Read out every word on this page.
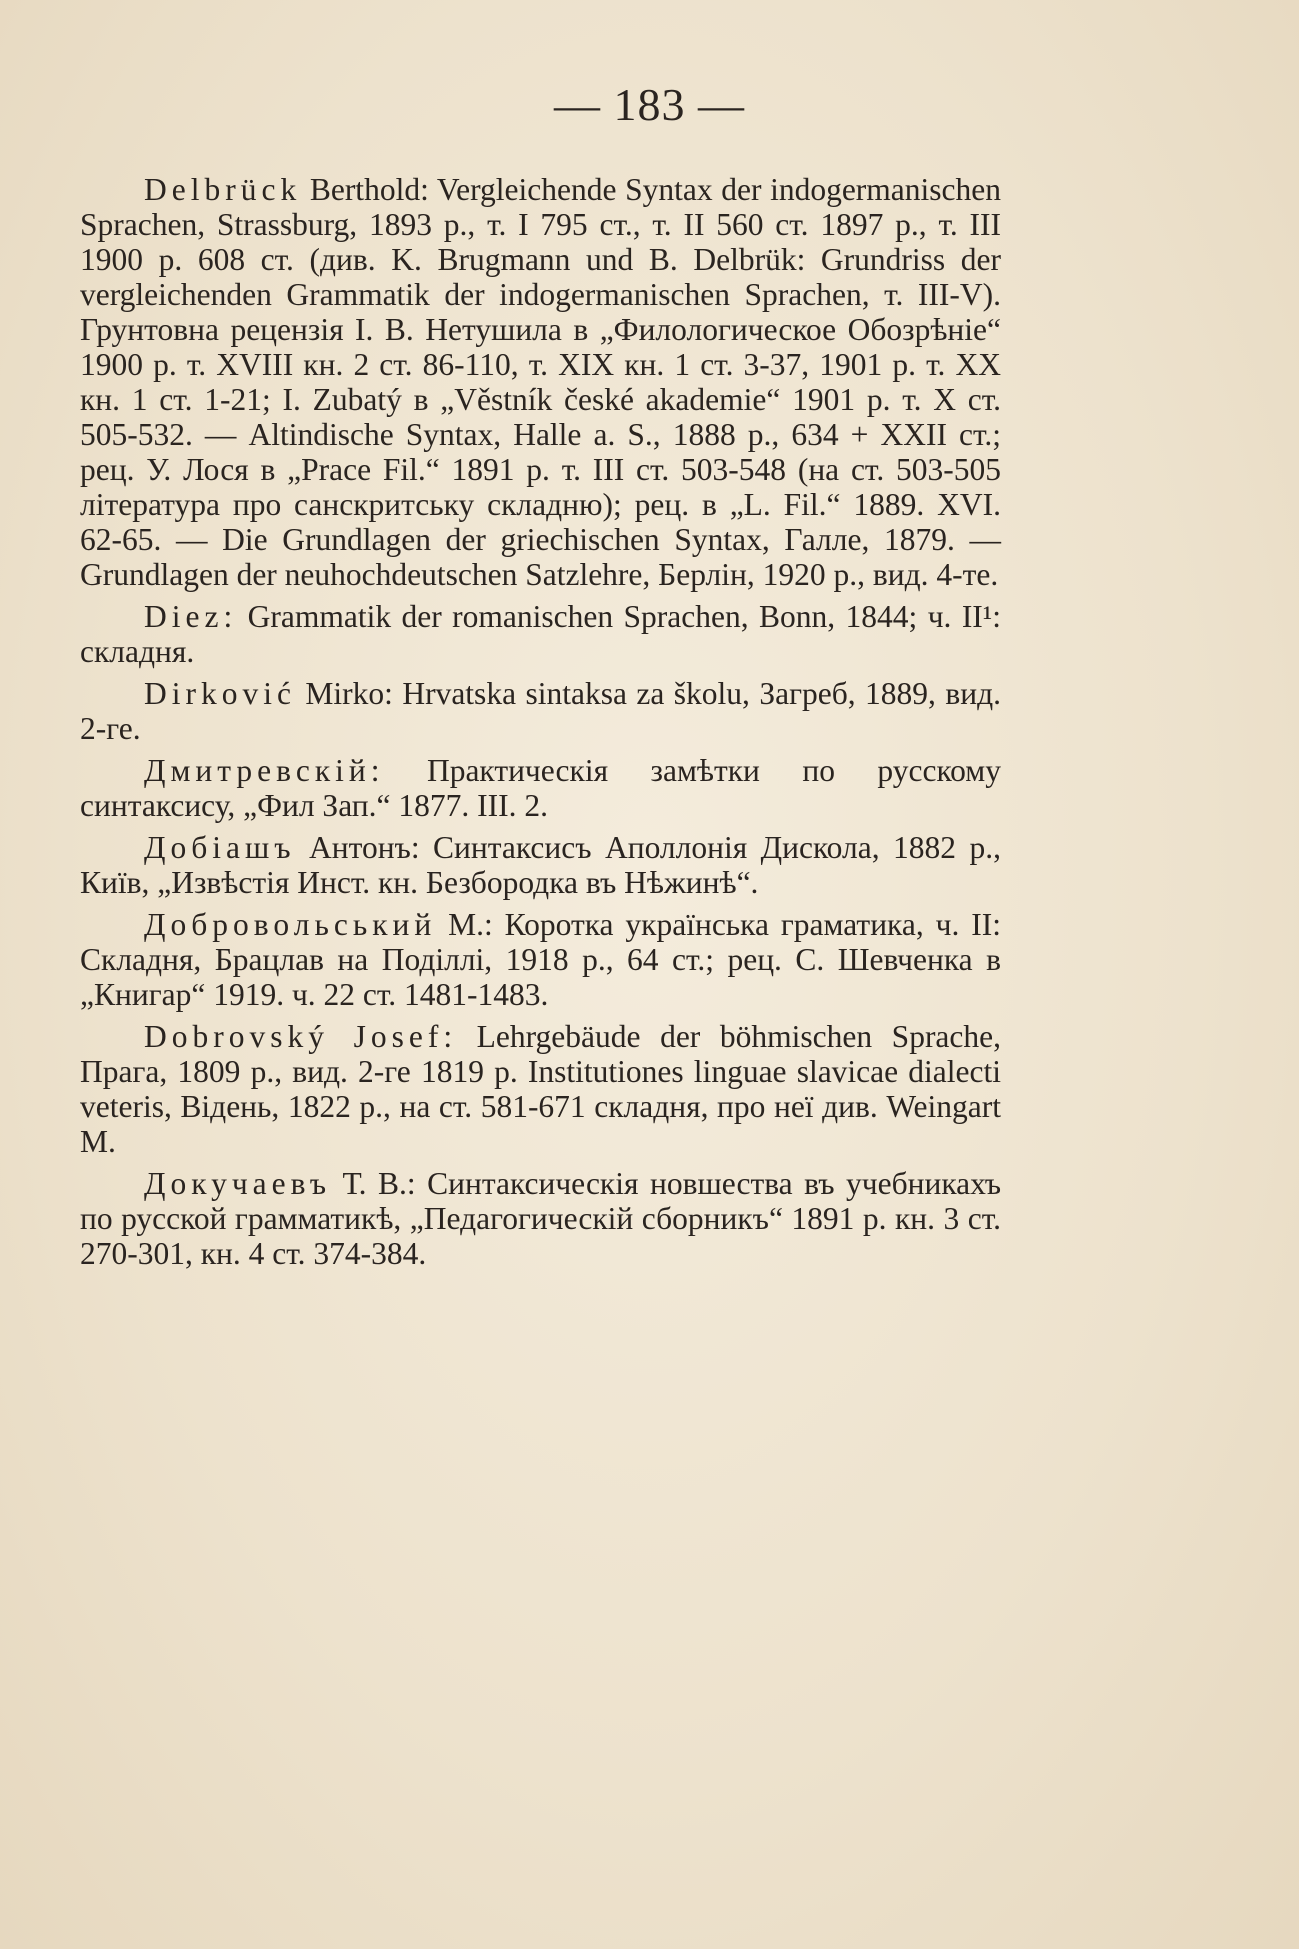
— 183 —

Delbrück Berthold: Vergleichende Syntax der indogermanischen Sprachen, Strassburg, 1893 р., т. I 795 ст., т. II 560 ст. 1897 р., т. III 1900 р. 608 ст. (див. K. Brugmann und B. Delbrük: Grundriss der vergleichenden Grammatik der indogermanischen Sprachen, т. III-V). Грунтовна рецензія І. В. Нетушила в „Филологическое Обозрѣніе“ 1900 р. т. XVIII кн. 2 ст. 86-110, т. XIX кн. 1 ст. 3-37, 1901 р. т. XX кн. 1 ст. 1-21; І. Zubatý в „Věstník české akademie“ 1901 р. т. X ст. 505-532. — Altindische Syntax, Halle a. S., 1888 р., 634 + XXII ст.; рец. У. Лося в „Prace Fil.“ 1891 р. т. III ст. 503-548 (на ст. 503-505 література про санскритську складню); рец. в „L. Fil.“ 1889. XVI. 62-65. — Die Grundlagen der griechischen Syntax, Галле, 1879. — Grundlagen der neuhochdeutschen Satzlehre, Берлін, 1920 р., вид. 4-те.

Diez: Grammatik der romanischen Sprachen, Bonn, 1844; ч. II¹: складня.

Dirković Mirko: Hrvatska sintaksa za školu, Загреб, 1889, вид. 2-ге.

Дмитревскій: Практическія замѣтки по русскому синтаксису, „Фил Зап.“ 1877. III. 2.

Добіашъ Антонъ: Синтаксисъ Аполлонія Дискола, 1882 р., Київ, „Извѣстія Инст. кн. Безбородка въ Нѣжинѣ“.

Добровольський М.: Коротка українська граматика, ч. II: Складня, Брацлав на Поділлі, 1918 р., 64 ст.; рец. С. Шевченка в „Книгар“ 1919. ч. 22 ст. 1481-1483.

Dobrovský Josef: Lehrgebäude der böhmischen Sprache, Прага, 1809 р., вид. 2-ге 1819 р. Institutiones linguae slavicae dialecti veteris, Відень, 1822 р., на ст. 581-671 складня, про неї див. Weingart M.

Докучаевъ Т. В.: Синтаксическія новшества въ учебникахъ по русской грамматикѣ, „Педагогическій сборникъ“ 1891 р. кн. 3 ст. 270-301, кн. 4 ст. 374-384.
